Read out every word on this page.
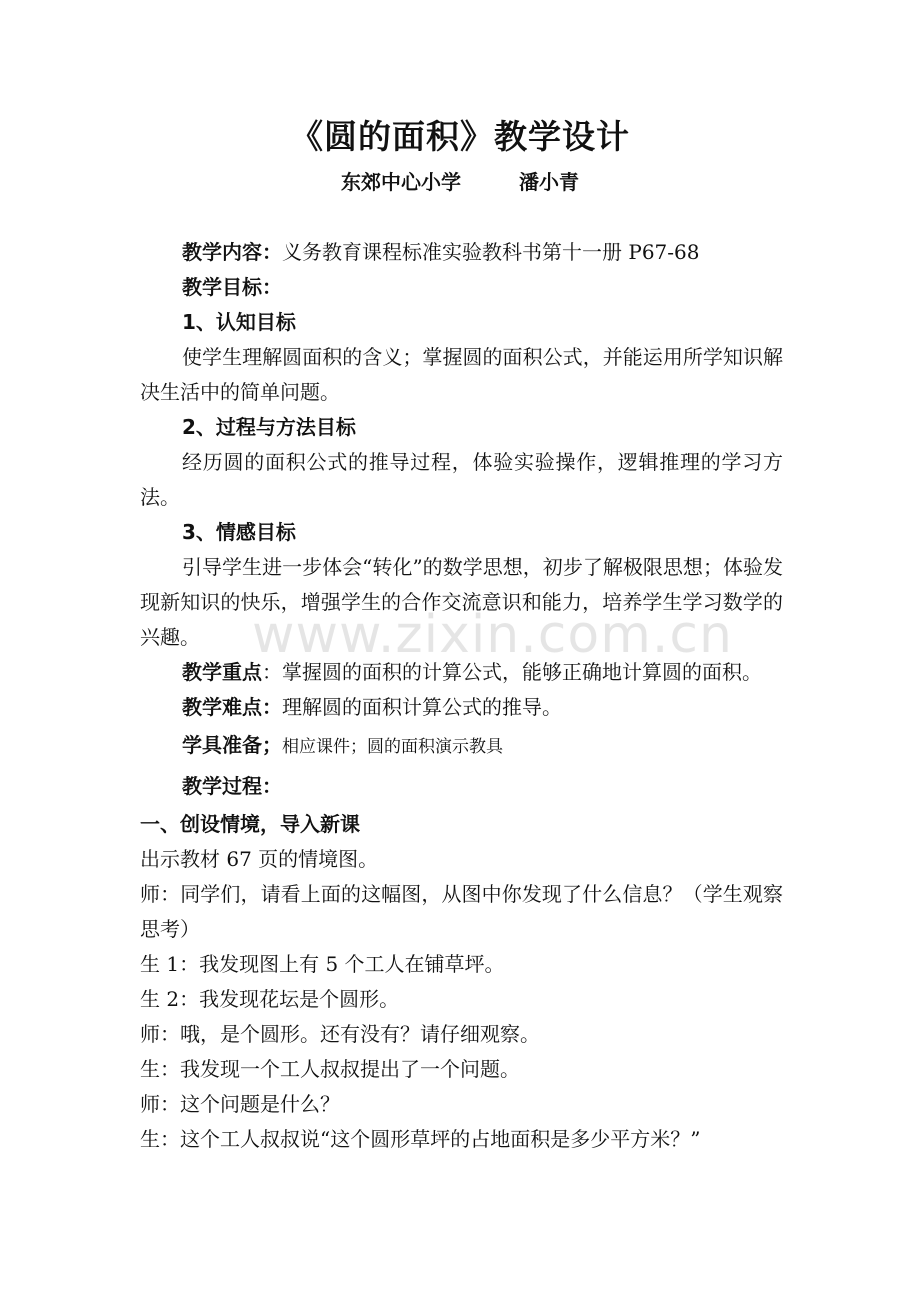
《圆的面积》教学设计
东郊中心小学	潘小青
教学内容：义务教育课程标准实验教科书第十一册 P67-68
教学目标：
1、认知目标
使学生理解圆面积的含义；掌握圆的面积公式，并能运用所学知识解决生活中的简单问题。
2、过程与方法目标
经历圆的面积公式的推导过程，体验实验操作，逻辑推理的学习方法。
3、情感目标
引导学生进一步体会“转化”的数学思想，初步了解极限思想；体验发现新知识的快乐，增强学生的合作交流意识和能力，培养学生学习数学的兴趣。
教学重点：掌握圆的面积的计算公式，能够正确地计算圆的面积。
教学难点：理解圆的面积计算公式的推导。
学具准备；相应课件；圆的面积演示教具
教学过程：
一、创设情境，导入新课
出示教材 67 页的情境图。
师：同学们，请看上面的这幅图，从图中你发现了什么信息？（学生观察思考）
生 1：我发现图上有 5 个工人在铺草坪。
生 2：我发现花坛是个圆形。
师：哦，是个圆形。还有没有？请仔细观察。
生：我发现一个工人叔叔提出了一个问题。
师：这个问题是什么？
生：这个工人叔叔说“这个圆形草坪的占地面积是多少平方米？”
www.zixin.com.cn
